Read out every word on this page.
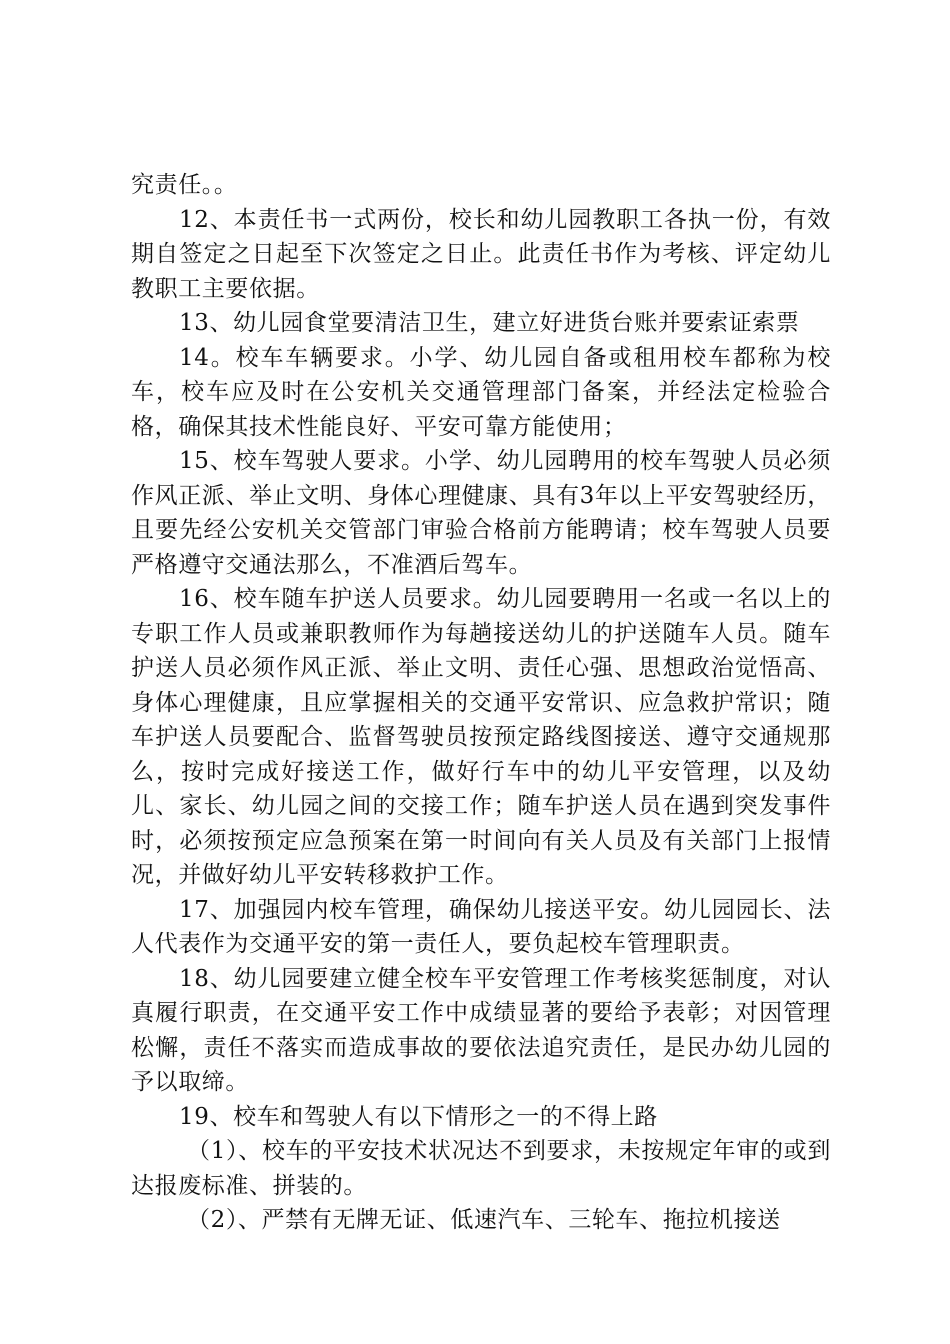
究责任。。

12、本责任书一式两份，校长和幼儿园教职工各执一份，有效期自签定之日起至下次签定之日止。此责任书作为考核、评定幼儿教职工主要依据。

13、幼儿园食堂要清洁卫生，建立好进货台账并要索证索票

14。校车车辆要求。小学、幼儿园自备或租用校车都称为校车，校车应及时在公安机关交通管理部门备案，并经法定检验合格，确保其技术性能良好、平安可靠方能使用；

15、校车驾驶人要求。小学、幼儿园聘用的校车驾驶人员必须作风正派、举止文明、身体心理健康、具有3年以上平安驾驶经历，且要先经公安机关交管部门审验合格前方能聘请；校车驾驶人员要严格遵守交通法那么，不准酒后驾车。

16、校车随车护送人员要求。幼儿园要聘用一名或一名以上的专职工作人员或兼职教师作为每趟接送幼儿的护送随车人员。随车护送人员必须作风正派、举止文明、责任心强、思想政治觉悟高、身体心理健康，且应掌握相关的交通平安常识、应急救护常识；随车护送人员要配合、监督驾驶员按预定路线图接送、遵守交通规那么，按时完成好接送工作，做好行车中的幼儿平安管理，以及幼儿、家长、幼儿园之间的交接工作；随车护送人员在遇到突发事件时，必须按预定应急预案在第一时间向有关人员及有关部门上报情况，并做好幼儿平安转移救护工作。

17、加强园内校车管理，确保幼儿接送平安。幼儿园园长、法人代表作为交通平安的第一责任人，要负起校车管理职责。

18、幼儿园要建立健全校车平安管理工作考核奖惩制度，对认真履行职责，在交通平安工作中成绩显著的要给予表彰；对因管理松懈，责任不落实而造成事故的要依法追究责任，是民办幼儿园的予以取缔。

19、校车和驾驶人有以下情形之一的不得上路

（1）、校车的平安技术状况达不到要求，未按规定年审的或到达报废标准、拼装的。

（2）、严禁有无牌无证、低速汽车、三轮车、拖拉机接送
